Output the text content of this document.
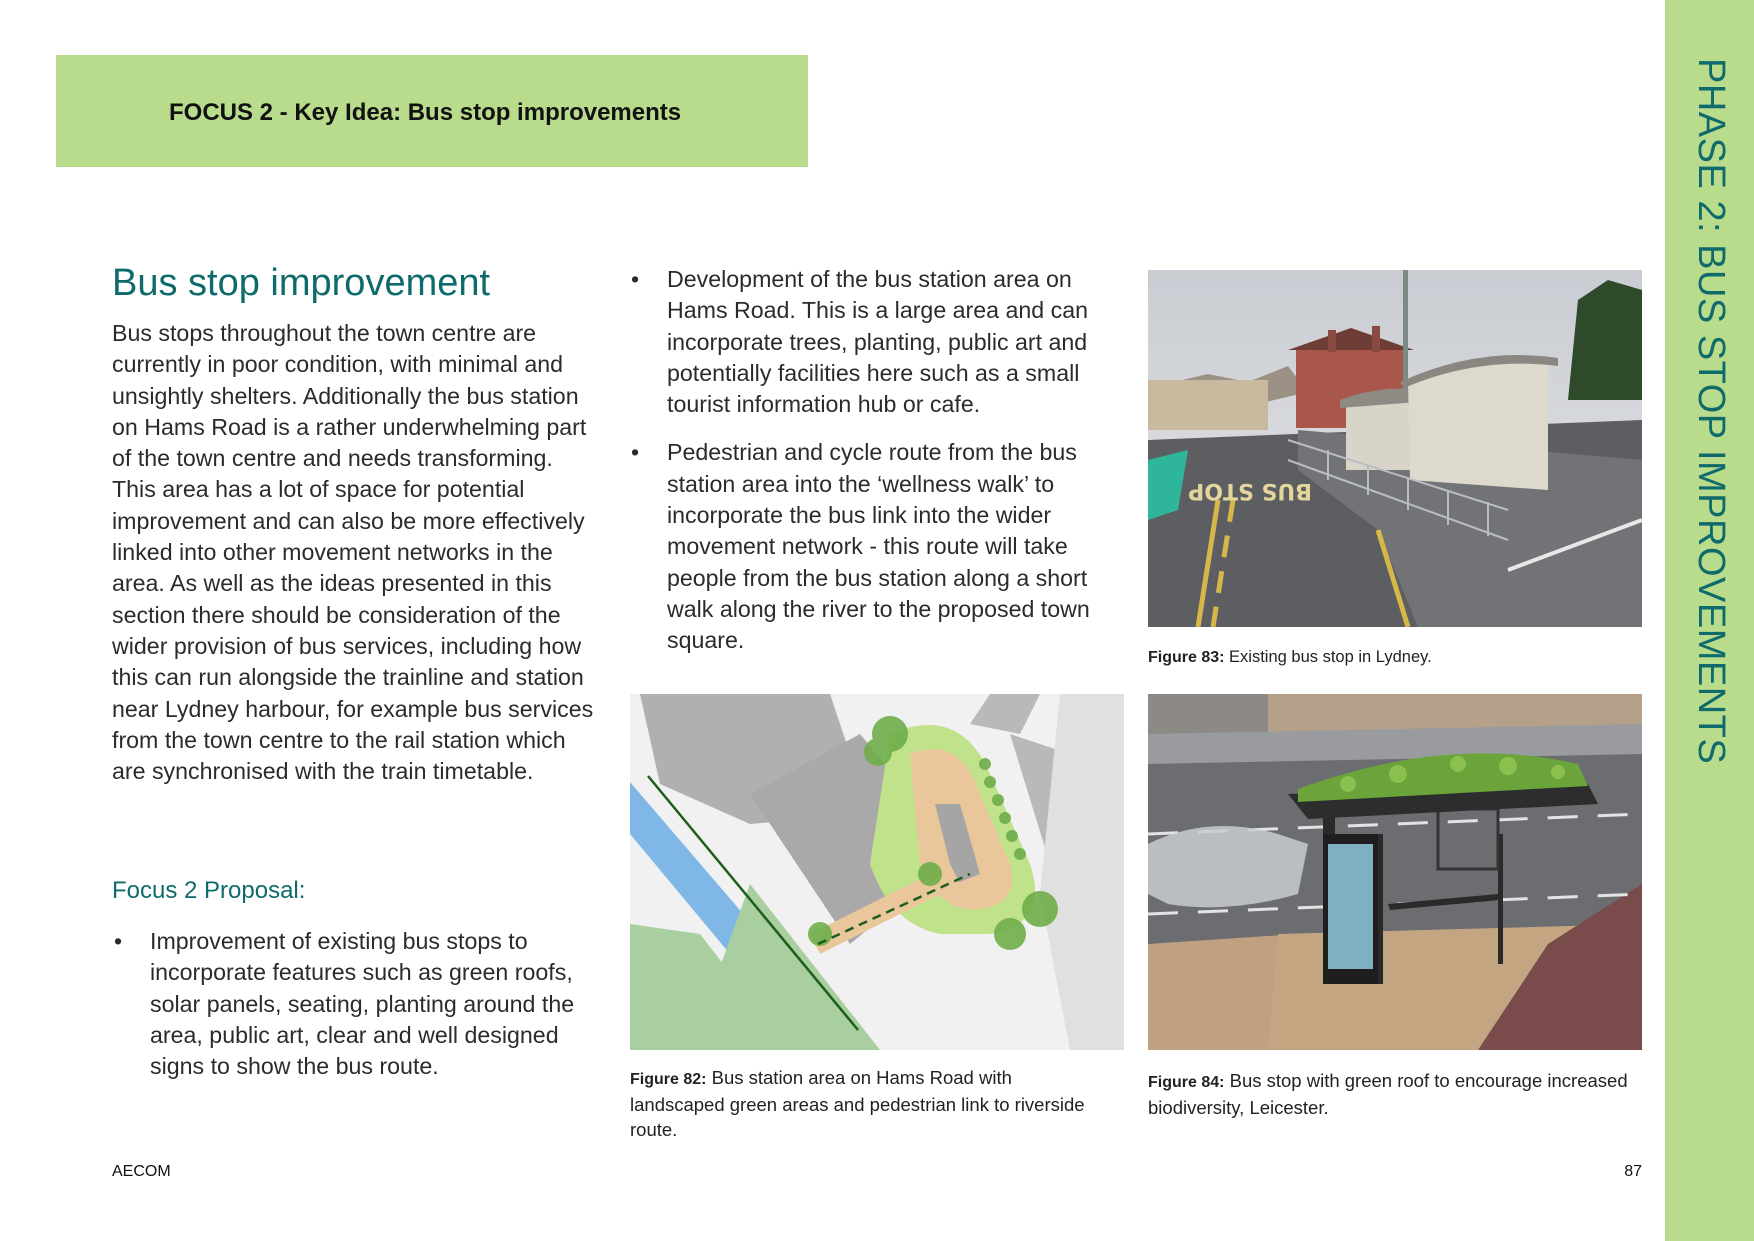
FOCUS 2 - Key Idea: Bus stop improvements	PHASE 2: BUS STOP IMPROVEMENTS
Bus stop improvement

Bus stops throughout the town centre are currently in poor condition, with minimal and unsightly shelters. Additionally the bus station on Hams Road is a rather underwhelming part of the town centre and needs transforming. This area has a lot of space for potential improvement and can also be more effectively linked into other movement networks in the area. As well as the ideas presented in this section there should be consideration of the wider provision of bus services, including how this can run alongside the trainline and station near Lydney harbour, for example bus services from the town centre to the rail station which are synchronised with the train timetable.

Focus 2 Proposal:
• Improvement of existing bus stops to incorporate features such as green roofs, solar panels, seating, planting around the area, public art, clear and well designed signs to show the bus route.
• Development of the bus station area on Hams Road. This is a large area and can incorporate trees, planting, public art and potentially facilities here such as a small tourist information hub or cafe.
• Pedestrian and cycle route from the bus station area into the ‘wellness walk’ to incorporate the bus link into the wider movement network - this route will take people from the bus station along a short walk along the river to the proposed town square.
BUS STOP

Figure 83: Existing bus stop in Lydney.

Figure 82: Bus station area on Hams Road with landscaped green areas and pedestrian link to riverside route.

Figure 84: Bus stop with green roof to encourage increased biodiversity, Leicester.

AECOM	87
